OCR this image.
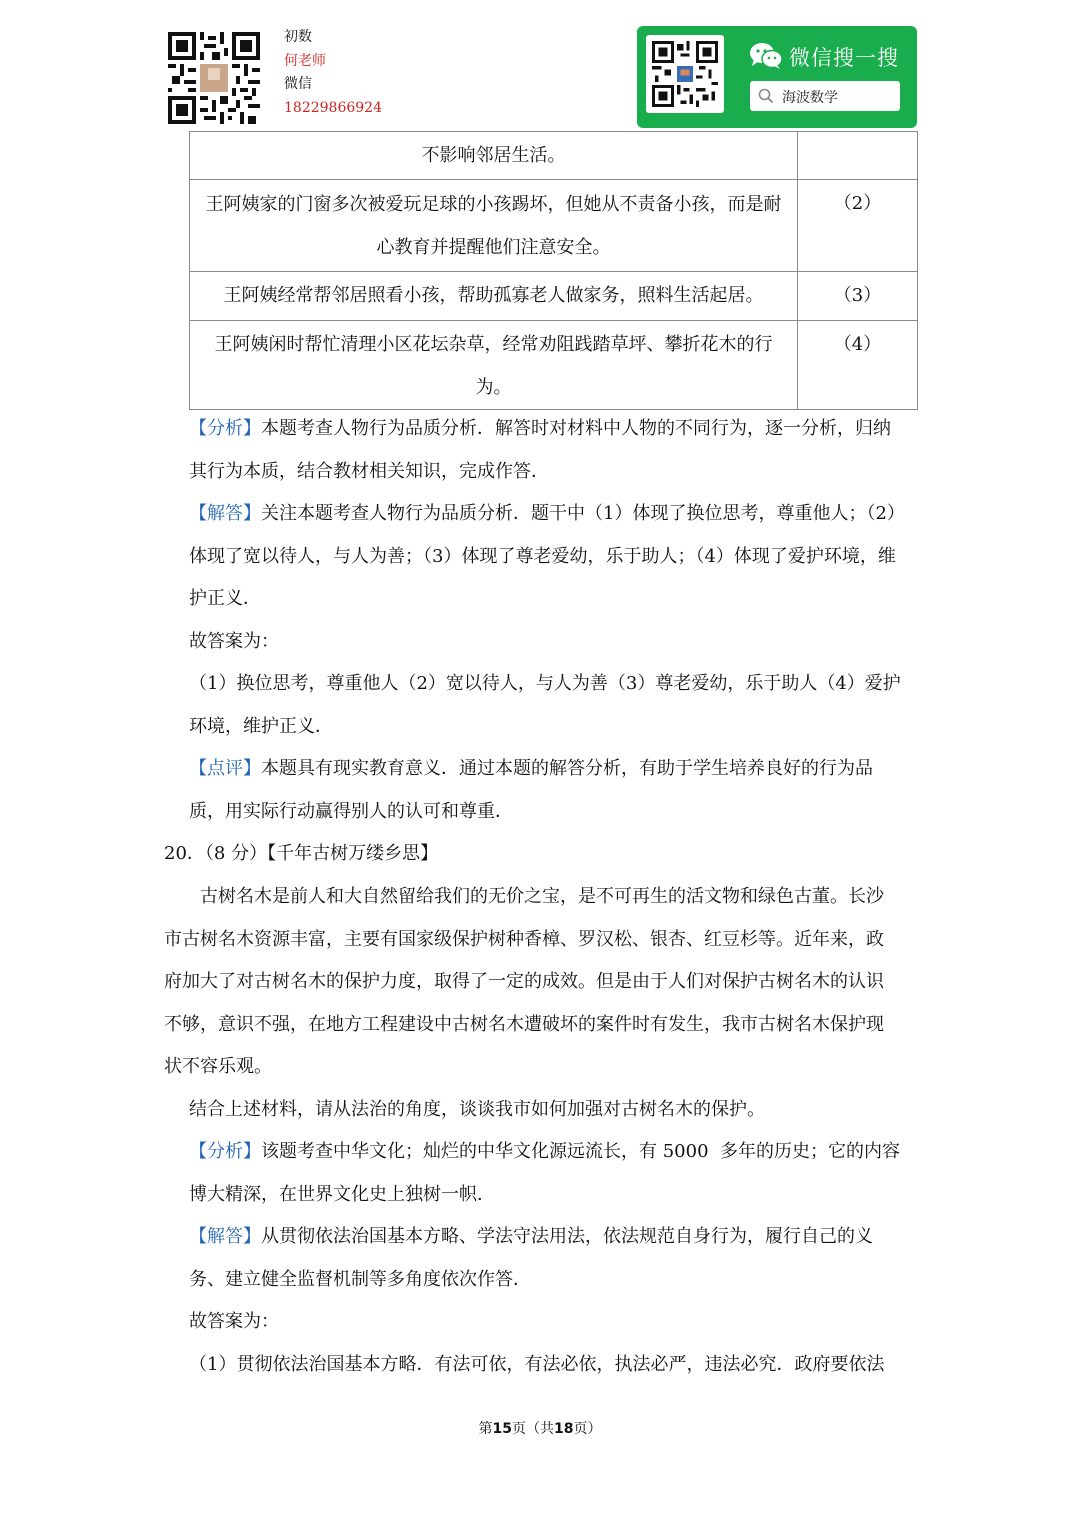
初数
何老师
微信
18229866924
微信搜一搜
海波数学
不影响邻居生活。	
王阿姨家的门窗多次被爱玩足球的小孩踢坏，但她从不责备小孩，而是耐心教育并提醒他们注意安全。	（2）
王阿姨经常帮邻居照看小孩，帮助孤寡老人做家务，照料生活起居。	（3）
王阿姨闲时帮忙清理小区花坛杂草，经常劝阻践踏草坪、攀折花木的行为。	（4）
【分析】本题考查人物行为品质分析．解答时对材料中人物的不同行为，逐一分析，归纳
其行为本质，结合教材相关知识，完成作答．
【解答】关注本题考查人物行为品质分析．题干中（1）体现了换位思考，尊重他人；（2）
体现了宽以待人，与人为善；（3）体现了尊老爱幼，乐于助人；（4）体现了爱护环境，维
护正义．
故答案为：
（1）换位思考，尊重他人（2）宽以待人，与人为善（3）尊老爱幼，乐于助人（4）爱护
环境，维护正义．
【点评】本题具有现实教育意义．通过本题的解答分析，有助于学生培养良好的行为品
质，用实际行动赢得别人的认可和尊重．
20．（8 分）【千年古树万缕乡思】
古树名木是前人和大自然留给我们的无价之宝，是不可再生的活文物和绿色古董。长沙
市古树名木资源丰富，主要有国家级保护树种香樟、罗汉松、银杏、红豆杉等。近年来，政
府加大了对古树名木的保护力度，取得了一定的成效。但是由于人们对保护古树名木的认识
不够，意识不强，在地方工程建设中古树名木遭破坏的案件时有发生，我市古树名木保护现
状不容乐观。
结合上述材料，请从法治的角度，谈谈我市如何加强对古树名木的保护。
【分析】该题考查中华文化；灿烂的中华文化源远流长，有 5000  多年的历史；它的内容
博大精深，在世界文化史上独树一帜．
【解答】从贯彻依法治国基本方略、学法守法用法，依法规范自身行为，履行自己的义
务、建立健全监督机制等多角度依次作答．
故答案为：
（1）贯彻依法治国基本方略．有法可依，有法必依，执法必严，违法必究．政府要依法
第15页（共18页）
